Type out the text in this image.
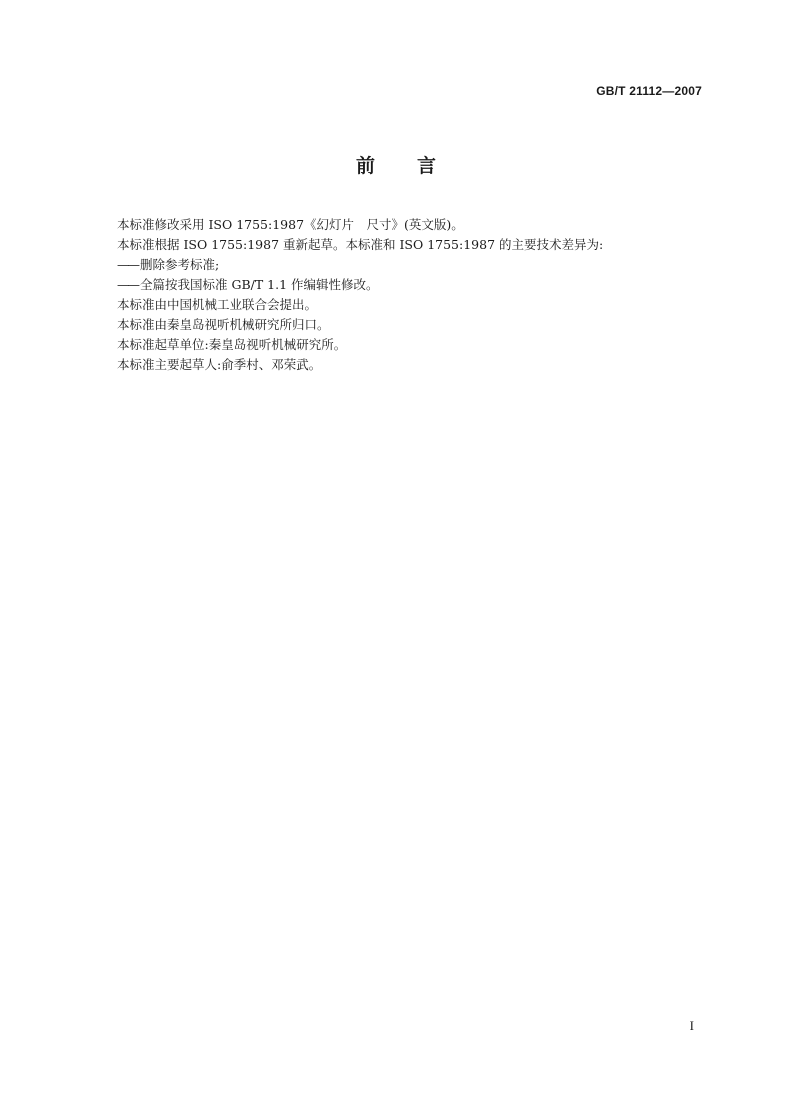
GB/T 21112—2007
前言

本标准修改采用 ISO 1755:1987《幻灯片　尺寸》(英文版)。

本标准根据 ISO 1755:1987 重新起草。本标准和 ISO 1755:1987 的主要技术差异为:

—— 删除参考标准;

—— 全篇按我国标准 GB/T 1.1 作编辑性修改。

本标准由中国机械工业联合会提出。

本标准由秦皇岛视听机械研究所归口。

本标准起草单位:秦皇岛视听机械研究所。

本标准主要起草人:俞季村、邓荣武。

I
